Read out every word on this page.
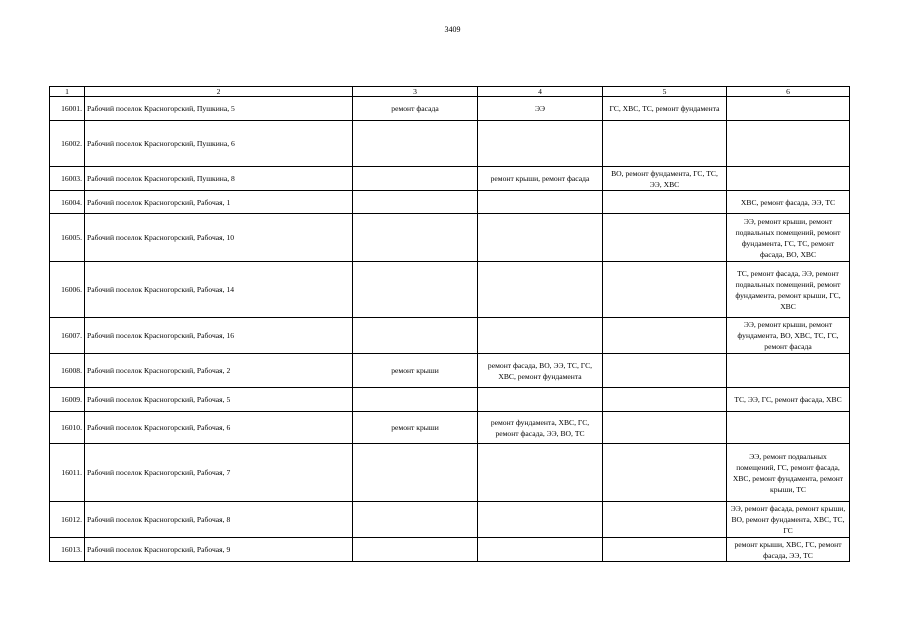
3409
1	2	3	4	5	6
16001.	Рабочий поселок Красногорский, Пушкина, 5	ремонт фасада	ЭЭ	ГС, ХВС, ТС, ремонт фундамента	
16002.	Рабочий поселок Красногорский, Пушкина, 6				
16003.	Рабочий поселок Красногорский, Пушкина, 8		ремонт крыши, ремонт фасада	ВО, ремонт фундамента, ГС, ТС, ЭЭ, ХВС	
16004.	Рабочий поселок Красногорский, Рабочая, 1				ХВС, ремонт фасада, ЭЭ, ТС
16005.	Рабочий поселок Красногорский, Рабочая, 10				ЭЭ, ремонт крыши, ремонт подвальных помещений, ремонт фундамента, ГС, ТС, ремонт фасада, ВО, ХВС
16006.	Рабочий поселок Красногорский, Рабочая, 14				ТС, ремонт фасада, ЭЭ, ремонт подвальных помещений, ремонт фундамента, ремонт крыши, ГС, ХВС
16007.	Рабочий поселок Красногорский, Рабочая, 16				ЭЭ, ремонт крыши, ремонт фундамента, ВО, ХВС, ТС, ГС, ремонт фасада
16008.	Рабочий поселок Красногорский, Рабочая, 2	ремонт крыши	ремонт фасада, ВО, ЭЭ, ТС, ГС, ХВС, ремонт фундамента		
16009.	Рабочий поселок Красногорский, Рабочая, 5				ТС, ЭЭ, ГС, ремонт фасада, ХВС
16010.	Рабочий поселок Красногорский, Рабочая, 6	ремонт крыши	ремонт фундамента, ХВС, ГС, ремонт фасада, ЭЭ, ВО, ТС		
16011.	Рабочий поселок Красногорский, Рабочая, 7				ЭЭ, ремонт подвальных помещений, ГС, ремонт фасада, ХВС, ремонт фундамента, ремонт крыши, ТС
16012.	Рабочий поселок Красногорский, Рабочая, 8				ЭЭ, ремонт фасада, ремонт крыши, ВО, ремонт фундамента, ХВС, ТС, ГС
16013.	Рабочий поселок Красногорский, Рабочая, 9				ремонт крыши, ХВС, ГС, ремонт фасада, ЭЭ, ТС
